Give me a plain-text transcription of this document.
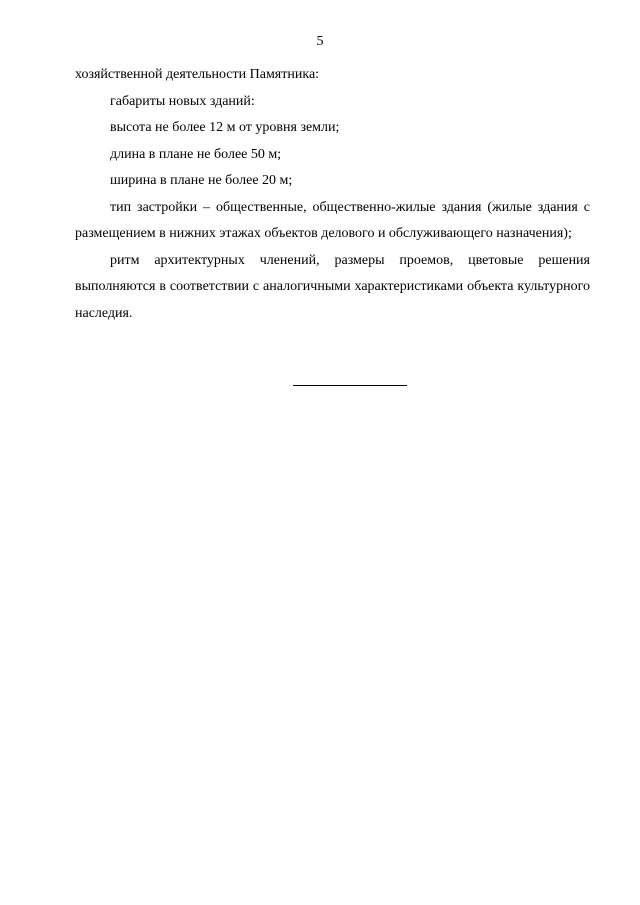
5

хозяйственной деятельности Памятника:

габариты новых зданий:

высота не более 12 м от уровня земли;

длина в плане не более 50 м;

ширина в плане не более 20 м;

тип застройки – общественные, общественно-жилые здания (жилые здания с размещением в нижних этажах объектов делового и обслуживающего назначения);

ритм архитектурных членений, размеры проемов, цветовые решения выполняются в соответствии с аналогичными характеристиками объекта культурного наследия.
